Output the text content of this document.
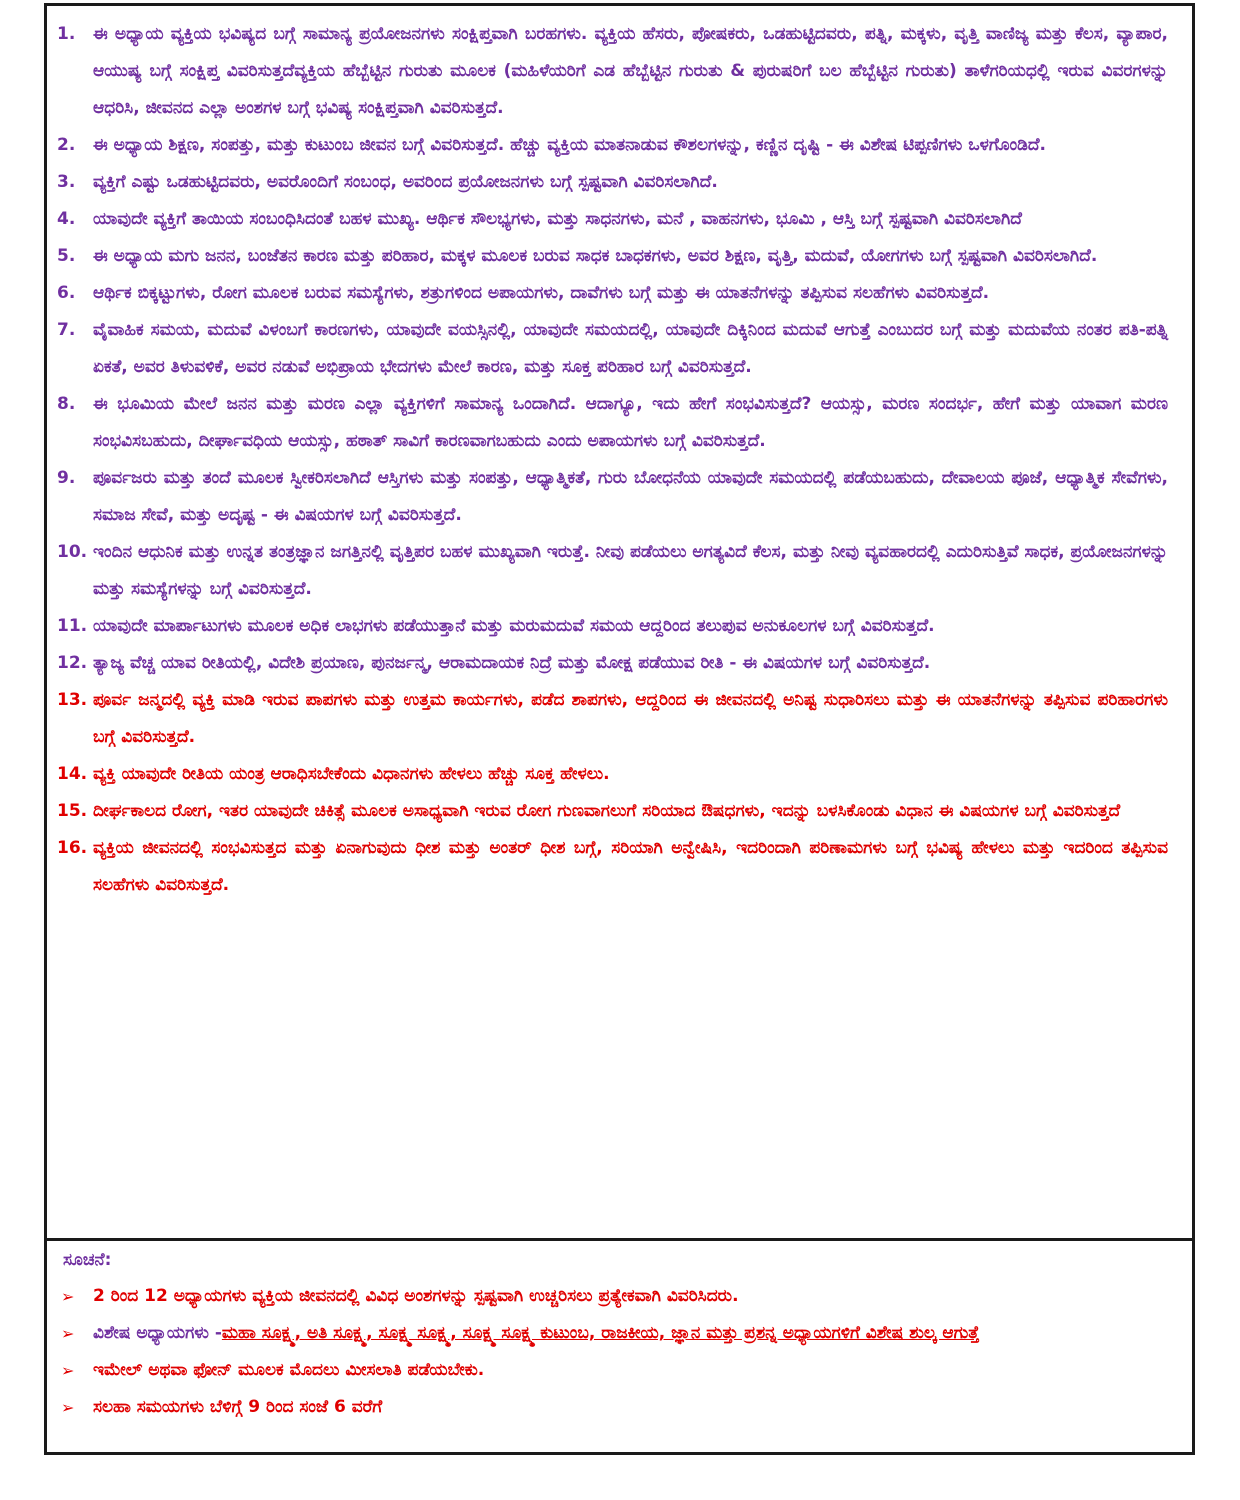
1.	ಈ ಅಧ್ಯಾಯ ವ್ಯಕ್ತಿಯ ಭವಿಷ್ಯದ ಬಗ್ಗೆ ಸಾಮಾನ್ಯ ಪ್ರಯೋಜನಗಳು ಸಂಕ್ಷಿಪ್ತವಾಗಿ ಬರಹಗಳು. ವ್ಯಕ್ತಿಯ ಹೆಸರು, ಪೋಷಕರು, ಒಡಹುಟ್ಟಿದವರು, ಪತ್ನಿ, ಮಕ್ಕಳು, ವೃತ್ತಿ ವಾಣಿಜ್ಯ ಮತ್ತು ಕೆಲಸ, ವ್ಯಾಪಾರ, ಆಯುಷ್ಯ ಬಗ್ಗೆ ಸಂಕ್ಷಿಪ್ತ ವಿವರಿಸುತ್ತದೆವ್ಯಕ್ತಿಯ ಹೆಬ್ಬೆಟ್ಟಿನ ಗುರುತು ಮೂಲಕ (ಮಹಿಳೆಯರಿಗೆ ಎಡ ಹೆಬ್ಬೆಟ್ಟಿನ ಗುರುತು & ಪುರುಷರಿಗೆ ಬಲ ಹೆಬ್ಬೆಟ್ಟಿನ ಗುರುತು) ತಾಳೆಗರಿಯಧಲ್ಲಿ ಇರುವ ವಿವರಗಳನ್ನು ಆಧರಿಸಿ, ಜೀವನದ ಎಲ್ಲಾ ಅಂಶಗಳ ಬಗ್ಗೆ ಭವಿಷ್ಯ ಸಂಕ್ಷಿಪ್ತವಾಗಿ ವಿವರಿಸುತ್ತದೆ.
2.	ಈ ಅಧ್ಯಾಯ ಶಿಕ್ಷಣ, ಸಂಪತ್ತು, ಮತ್ತು ಕುಟುಂಬ ಜೀವನ ಬಗ್ಗೆ ವಿವರಿಸುತ್ತದೆ. ಹೆಚ್ಚು ವ್ಯಕ್ತಿಯ ಮಾತನಾಡುವ ಕೌಶಲಗಳನ್ನು, ಕಣ್ಣಿನ ದೃಷ್ಟಿ - ಈ ವಿಶೇಷ ಟಿಪ್ಪಣಿಗಳು ಒಳಗೊಂಡಿದೆ.
3.	ವ್ಯಕ್ತಿಗೆ ಎಷ್ಟು ಒಡಹುಟ್ಟಿದವರು, ಅವರೊಂದಿಗೆ ಸಂಬಂಧ, ಅವರಿಂದ ಪ್ರಯೋಜನಗಳು ಬಗ್ಗೆ ಸ್ಪಷ್ಟವಾಗಿ ವಿವರಿಸಲಾಗಿದೆ.
4.	ಯಾವುದೇ ವ್ಯಕ್ತಿಗೆ ತಾಯಿಯ ಸಂಬಂಧಿಸಿದಂತೆ ಬಹಳ ಮುಖ್ಯ. ಆರ್ಥಿಕ ಸೌಲಭ್ಯಗಳು, ಮತ್ತು ಸಾಧನಗಳು, ಮನೆ , ವಾಹನಗಳು, ಭೂಮಿ , ಆಸ್ತಿ ಬಗ್ಗೆ ಸ್ಪಷ್ಟವಾಗಿ ವಿವರಿಸಲಾಗಿದೆ
5.	ಈ ಅಧ್ಯಾಯ ಮಗು ಜನನ, ಬಂಜೆತನ ಕಾರಣ ಮತ್ತು ಪರಿಹಾರ, ಮಕ್ಕಳ ಮೂಲಕ ಬರುವ ಸಾಧಕ ಬಾಧಕಗಳು, ಅವರ ಶಿಕ್ಷಣ, ವೃತ್ತಿ, ಮದುವೆ, ಯೋಗಗಳು ಬಗ್ಗೆ ಸ್ಪಷ್ಟವಾಗಿ ವಿವರಿಸಲಾಗಿದೆ.
6.	ಆರ್ಥಿಕ ಬಿಕ್ಕಟ್ಟುಗಳು, ರೋಗ ಮೂಲಕ ಬರುವ ಸಮಸ್ಯೆಗಳು, ಶತ್ರುಗಳಿಂದ ಅಪಾಯಗಳು, ದಾವೆಗಳು ಬಗ್ಗೆ ಮತ್ತು ಈ ಯಾತನೆಗಳನ್ನು ತಪ್ಪಿಸುವ ಸಲಹೆಗಳು ವಿವರಿಸುತ್ತದೆ.
7.	ವೈವಾಹಿಕ ಸಮಯ, ಮದುವೆ ವಿಳಂಬಗೆ ಕಾರಣಗಳು, ಯಾವುದೇ ವಯಸ್ಸಿನಲ್ಲಿ, ಯಾವುದೇ ಸಮಯದಲ್ಲಿ, ಯಾವುದೇ ದಿಕ್ಕಿನಿಂದ ಮದುವೆ ಆಗುತ್ತೆ ಎಂಬುದರ ಬಗ್ಗೆ ಮತ್ತು ಮದುವೆಯ ನಂತರ ಪತಿ-ಪತ್ನಿ ಏಕತೆ, ಅವರ ತಿಳುವಳಿಕೆ, ಅವರ ನಡುವೆ ಅಭಿಪ್ರಾಯ ಭೇದಗಳು ಮೇಲೆ ಕಾರಣ, ಮತ್ತು ಸೂಕ್ತ ಪರಿಹಾರ ಬಗ್ಗೆ ವಿವರಿಸುತ್ತದೆ.
8.	ಈ ಭೂಮಿಯ ಮೇಲೆ ಜನನ ಮತ್ತು ಮರಣ ಎಲ್ಲಾ ವ್ಯಕ್ತಿಗಳಿಗೆ ಸಾಮಾನ್ಯ ಒಂದಾಗಿದೆ. ಆದಾಗ್ಯೂ, ಇದು ಹೇಗೆ ಸಂಭವಿಸುತ್ತದೆ? ಆಯಸ್ಸು, ಮರಣ ಸಂದರ್ಭ, ಹೇಗೆ ಮತ್ತು ಯಾವಾಗ ಮರಣ ಸಂಭವಿಸಬಹುದು, ದೀರ್ಘಾವಧಿಯ ಆಯಸ್ಸು, ಹಠಾತ್ ಸಾವಿಗೆ ಕಾರಣವಾಗಬಹುದು ಎಂದು ಅಪಾಯಗಳು ಬಗ್ಗೆ ವಿವರಿಸುತ್ತದೆ.
9.	ಪೂರ್ವಜರು ಮತ್ತು ತಂದೆ ಮೂಲಕ ಸ್ವೀಕರಿಸಲಾಗಿದೆ ಆಸ್ತಿಗಳು ಮತ್ತು ಸಂಪತ್ತು, ಆಧ್ಯಾತ್ಮಿಕತೆ, ಗುರು ಬೋಧನೆಯ ಯಾವುದೇ ಸಮಯದಲ್ಲಿ ಪಡೆಯಬಹುದು, ದೇವಾಲಯ ಪೂಜೆ, ಆಧ್ಯಾತ್ಮಿಕ ಸೇವೆಗಳು, ಸಮಾಜ ಸೇವೆ, ಮತ್ತು ಅದೃಷ್ಟ - ಈ ವಿಷಯಗಳ ಬಗ್ಗೆ ವಿವರಿಸುತ್ತದೆ.
10. ಇಂದಿನ ಆಧುನಿಕ ಮತ್ತು ಉನ್ನತ ತಂತ್ರಜ್ಞಾನ ಜಗತ್ತಿನಲ್ಲಿ ವೃತ್ತಿಪರ ಬಹಳ ಮುಖ್ಯವಾಗಿ ಇರುತ್ತೆ. ನೀವು ಪಡೆಯಲು ಅಗತ್ಯವಿದೆ ಕೆಲಸ, ಮತ್ತು ನೀವು ವ್ಯವಹಾರದಲ್ಲಿ ಎದುರಿಸುತ್ತಿವೆ ಸಾಧಕ, ಪ್ರಯೋಜನಗಳನ್ನು ಮತ್ತು ಸಮಸ್ಯೆಗಳನ್ನು ಬಗ್ಗೆ ವಿವರಿಸುತ್ತದೆ.
11. ಯಾವುದೇ ಮಾರ್ಪಾಟುಗಳು ಮೂಲಕ ಅಧಿಕ ಲಾಭಗಳು ಪಡೆಯುತ್ತಾನೆ ಮತ್ತು ಮರುಮದುವೆ ಸಮಯ ಆದ್ದರಿಂದ ತಲುಪುವ ಅನುಕೂಲಗಳ ಬಗ್ಗೆ ವಿವರಿಸುತ್ತದೆ.
12. ತ್ಯಾಜ್ಯ ವೆಚ್ಚ ಯಾವ ರೀತಿಯಲ್ಲಿ, ವಿದೇಶಿ ಪ್ರಯಾಣ, ಪುನರ್ಜನ್ಮ, ಆರಾಮದಾಯಕ ನಿದ್ರೆ ಮತ್ತು ಮೋಕ್ಷ ಪಡೆಯುವ ರೀತಿ - ಈ ವಿಷಯಗಳ ಬಗ್ಗೆ ವಿವರಿಸುತ್ತದೆ.
13. ಪೂರ್ವ ಜನ್ಮದಲ್ಲಿ ವ್ಯಕ್ತಿ ಮಾಡಿ ಇರುವ ಪಾಪಗಳು ಮತ್ತು ಉತ್ತಮ ಕಾರ್ಯಗಳು, ಪಡೆದ ಶಾಪಗಳು, ಆದ್ದರಿಂದ ಈ ಜೀವನದಲ್ಲಿ ಅನಿಷ್ಟ ಸುಧಾರಿಸಲು ಮತ್ತು ಈ ಯಾತನೆಗಳನ್ನು ತಪ್ಪಿಸುವ ಪರಿಹಾರಗಳು ಬಗ್ಗೆ ವಿವರಿಸುತ್ತದೆ.
14. ವ್ಯಕ್ತಿ ಯಾವುದೇ ರೀತಿಯ ಯಂತ್ರ ಆರಾಧಿಸಬೇಕೆಂದು ವಿಧಾನಗಳು ಹೇಳಲು ಹೆಚ್ಚು ಸೂಕ್ತ ಹೇಳಲು.
15. ದೀರ್ಘಕಾಲದ ರೋಗ, ಇತರ ಯಾವುದೇ ಚಿಕಿತ್ಸೆ ಮೂಲಕ ಅಸಾಧ್ಯವಾಗಿ ಇರುವ ರೋಗ ಗುಣವಾಗಲುಗೆ ಸರಿಯಾದ ಔಷಧಗಳು, ಇದನ್ನು ಬಳಸಿಕೊಂಡು ವಿಧಾನ ಈ ವಿಷಯಗಳ ಬಗ್ಗೆ ವಿವರಿಸುತ್ತದೆ
16. ವ್ಯಕ್ತಿಯ ಜೀವನದಲ್ಲಿ ಸಂಭವಿಸುತ್ತದ ಮತ್ತು ಏನಾಗುವುದು ಧೀಶ ಮತ್ತು ಅಂತರ್ ಧೀಶ ಬಗ್ಗೆ, ಸರಿಯಾಗಿ ಅನ್ವೇಷಿಸಿ, ಇದರಿಂದಾಗಿ ಪರಿಣಾಮಗಳು ಬಗ್ಗೆ ಭವಿಷ್ಯ ಹೇಳಲು ಮತ್ತು ಇದರಿಂದ ತಪ್ಪಿಸುವ ಸಲಹೆಗಳು ವಿವರಿಸುತ್ತದೆ.
ಸೂಚನೆ:
➢	2 ರಿಂದ 12 ಅಧ್ಯಾಯಗಳು ವ್ಯಕ್ತಿಯ ಜೀವನದಲ್ಲಿ ವಿವಿಧ ಅಂಶಗಳನ್ನು ಸ್ಪಷ್ಟವಾಗಿ ಉಚ್ಚರಿಸಲು ಪ್ರತ್ಯೇಕವಾಗಿ ವಿವರಿಸಿದರು.
➢	ವಿಶೇಷ ಅಧ್ಯಾಯಗಳು - ಮಹಾ ಸೂಕ್ಷ್ಮ, ಅತಿ ಸೂಕ್ಷ್ಮ, ಸೂಕ್ಷ್ಮ ಸೂಕ್ಷ್ಮ, ಸೂಕ್ಷ್ಮ ಸೂಕ್ಷ್ಮ ಕುಟುಂಬ, ರಾಜಕೀಯ, ಜ್ಞಾನ ಮತ್ತು ಪ್ರಶನ್ನ ಅಧ್ಯಾಯಗಳಿಗೆ ವಿಶೇಷ ಶುಲ್ಕ ಆಗುತ್ತೆ
➢	ಇಮೇಲ್ ಅಥವಾ ಫೋನ್ ಮೂಲಕ ಮೊದಲು ಮೀಸಲಾತಿ ಪಡೆಯಬೇಕು.
➢	ಸಲಹಾ ಸಮಯಗಳು ಬೆಳಿಗ್ಗೆ 9 ರಿಂದ ಸಂಜೆ 6 ವರೆಗೆ
